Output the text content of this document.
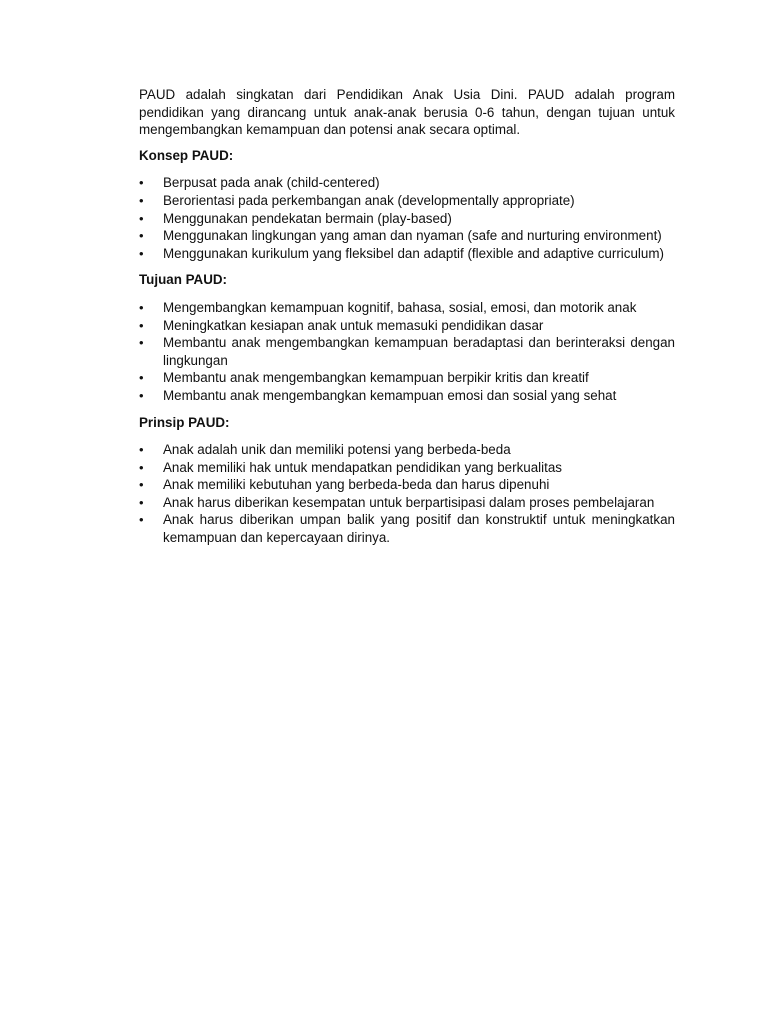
PAUD adalah singkatan dari Pendidikan Anak Usia Dini. PAUD adalah program pendidikan yang dirancang untuk anak-anak berusia 0-6 tahun, dengan tujuan untuk mengembangkan kemampuan dan potensi anak secara optimal.

Konsep PAUD:

•	Berpusat pada anak (child-centered)
•	Berorientasi pada perkembangan anak (developmentally appropriate)
•	Menggunakan pendekatan bermain (play-based)
•	Menggunakan lingkungan yang aman dan nyaman (safe and nurturing environment)
•	Menggunakan kurikulum yang fleksibel dan adaptif (flexible and adaptive curriculum)

Tujuan PAUD:

•	Mengembangkan kemampuan kognitif, bahasa, sosial, emosi, dan motorik anak
•	Meningkatkan kesiapan anak untuk memasuki pendidikan dasar
•	Membantu anak mengembangkan kemampuan beradaptasi dan berinteraksi dengan lingkungan
•	Membantu anak mengembangkan kemampuan berpikir kritis dan kreatif
•	Membantu anak mengembangkan kemampuan emosi dan sosial yang sehat

Prinsip PAUD:

•	Anak adalah unik dan memiliki potensi yang berbeda-beda
•	Anak memiliki hak untuk mendapatkan pendidikan yang berkualitas
•	Anak memiliki kebutuhan yang berbeda-beda dan harus dipenuhi
•	Anak harus diberikan kesempatan untuk berpartisipasi dalam proses pembelajaran
•	Anak harus diberikan umpan balik yang positif dan konstruktif untuk meningkatkan kemampuan dan kepercayaan dirinya.
